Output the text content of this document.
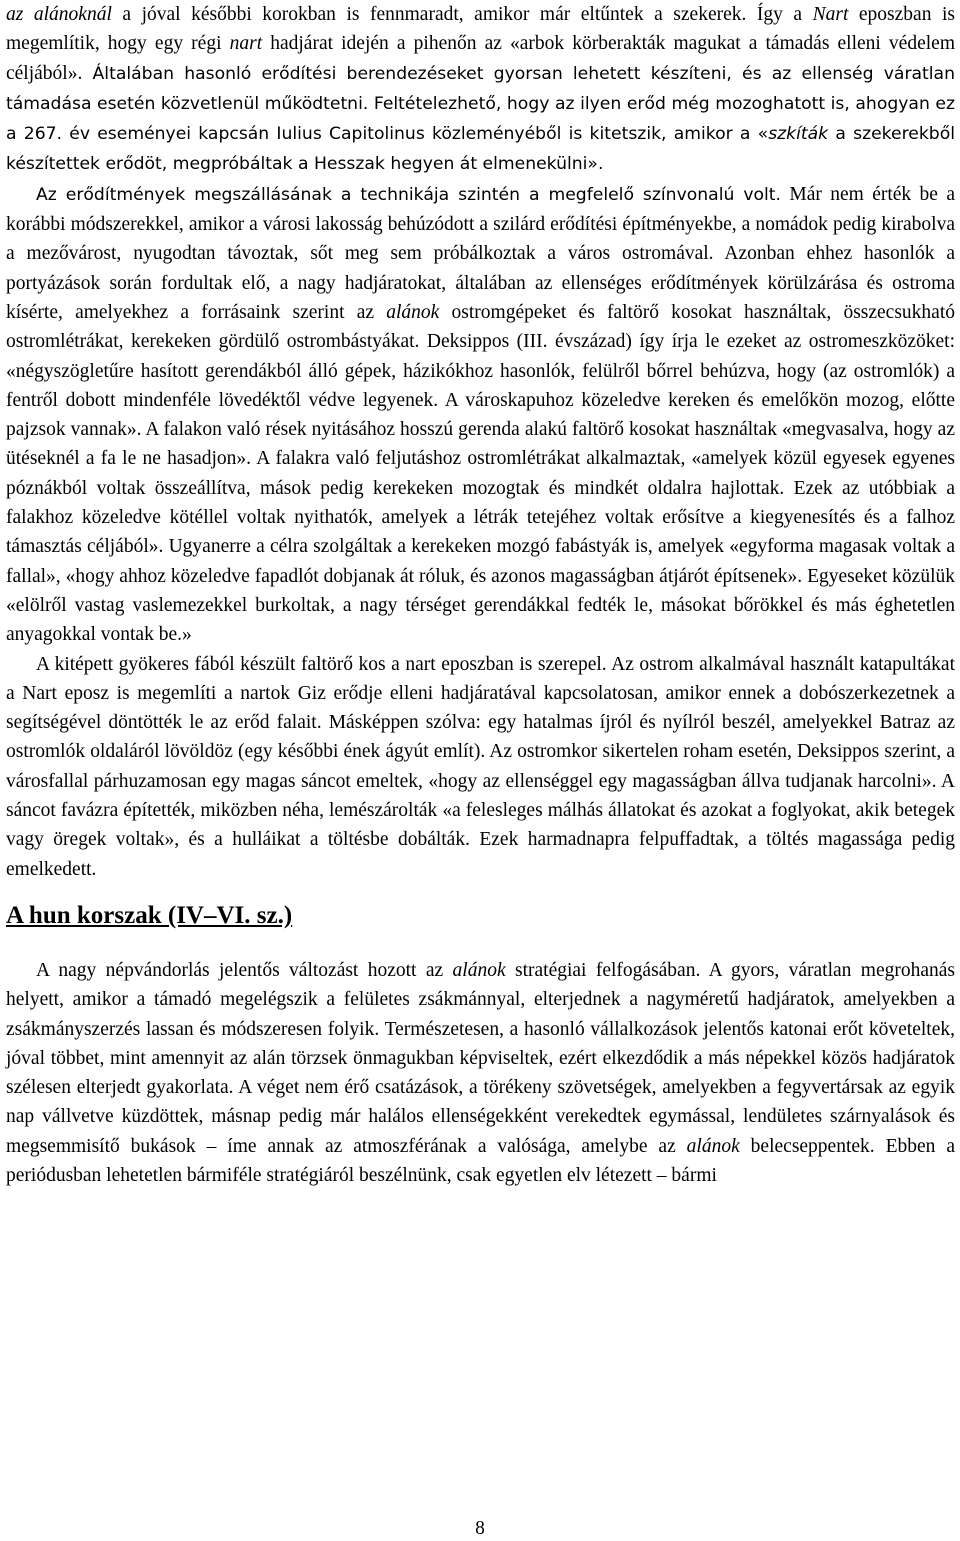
az alánoknál a jóval későbbi korokban is fennmaradt, amikor már eltűntek a szekerek. Így a Nart eposzban is megemlítik, hogy egy régi nart hadjárat idején a pihenőn az «arbok körberakták magukat a támadás elleni védelem céljából». Általában hasonló erődítési berendezéseket gyorsan lehetett készíteni, és az ellenség váratlan támadása esetén közvetlenül működtetni. Feltételezhető, hogy az ilyen erőd még mozoghatott is, ahogyan ez a 267. év eseményei kapcsán Iulius Capitolinus közleményéből is kitetszik, amikor a «szkíták a szekerekből készítettek erődöt, megpróbáltak a Hesszak hegyen át elmenekülni».

Az erődítmények megszállásának a technikája szintén a megfelelő színvonalú volt. Már nem érték be a korábbi módszerekkel, amikor a városi lakosság behúzódott a szilárd erődítési építményekbe, a nomádok pedig kirabolva a mezővárost, nyugodtan távoztak, sőt meg sem próbálkoztak a város ostromával. Azonban ehhez hasonlók a portyázások során fordultak elő, a nagy hadjáratokat, általában az ellenséges erődítmények körülzárása és ostroma kísérte, amelyekhez a forrásaink szerint az alánok ostromgépeket és faltörő kosokat használtak, összecsukható ostromlétrákat, kerekeken gördülő ostrombástyákat. Deksippos (III. évszázad) így írja le ezeket az ostromeszközöket: «négyszögletűre hasított gerendákból álló gépek, házikókhoz hasonlók, felülről bőrrel behúzva, hogy (az ostromlók) a fentről dobott mindenféle lövedéktől védve legyenek. A városkapuhoz közeledve kereken és emelőkön mozog, előtte pajzsok vannak». A falakon való rések nyitásához hosszú gerenda alakú faltörő kosokat használtak «megvasalva, hogy az ütéseknél a fa le ne hasadjon». A falakra való feljutáshoz ostromlétrákat alkalmaztak, «amelyek közül egyesek egyenes póznákból voltak összeállítva, mások pedig kerekeken mozogtak és mindkét oldalra hajlottak. Ezek az utóbbiak a falakhoz közeledve kötéllel voltak nyithatók, amelyek a létrák tetejéhez voltak erősítve a kiegyenesítés és a falhoz támasztás céljából». Ugyanerre a célra szolgáltak a kerekeken mozgó fabástyák is, amelyek «egyforma magasak voltak a fallal», «hogy ahhoz közeledve fapadlót dobjanak át róluk, és azonos magasságban átjárót építsenek». Egyeseket közülük «elölről vastag vaslemezekkel burkoltak, a nagy térséget gerendákkal fedték le, másokat bőrökkel és más éghetetlen anyagokkal vontak be.»

A kitépett gyökeres fából készült faltörő kos a nart eposzban is szerepel. Az ostrom alkalmával használt katapultákat a Nart eposz is megemlíti a nartok Giz erődje elleni hadjáratával kapcsolatosan, amikor ennek a dobószerkezetnek a segítségével döntötték le az erőd falait. Másképpen szólva: egy hatalmas íjról és nyílról beszél, amelyekkel Batraz az ostromlók oldaláról lövöldöz (egy későbbi ének ágyút említ). Az ostromkor sikertelen roham esetén, Deksippos szerint, a városfallal párhuzamosan egy magas sáncot emeltek, «hogy az ellenséggel egy magasságban állva tudjanak harcolni». A sáncot favázra építették, miközben néha, lemészárolták «a felesleges málhás állatokat és azokat a foglyokat, akik betegek vagy öregek voltak», és a hulláikat a töltésbe dobálták. Ezek harmadnapra felpuffadtak, a töltés magassága pedig emelkedett.

A hun korszak (IV–VI. sz.)

A nagy népvándorlás jelentős változást hozott az alánok stratégiai felfogásában. A gyors, váratlan megrohanás helyett, amikor a támadó megelégszik a felületes zsákmánnyal, elterjednek a nagyméretű hadjáratok, amelyekben a zsákmányszerzés lassan és módszeresen folyik. Természetesen, a hasonló vállalkozások jelentős katonai erőt követeltek, jóval többet, mint amennyit az alán törzsek önmagukban képviseltek, ezért elkezdődik a más népekkel közös hadjáratok szélesen elterjedt gyakorlata. A véget nem érő csatázások, a törékeny szövetségek, amelyekben a fegyvertársak az egyik nap vállvetve küzdöttek, másnap pedig már halálos ellenségekként verekedtek egymással, lendületes szárnyalások és megsemmisítő bukások – íme annak az atmoszférának a valósága, amelybe az alánok belecseppentek. Ebben a periódusban lehetetlen bármiféle stratégiáról beszélnünk, csak egyetlen elv létezett – bármi

8
